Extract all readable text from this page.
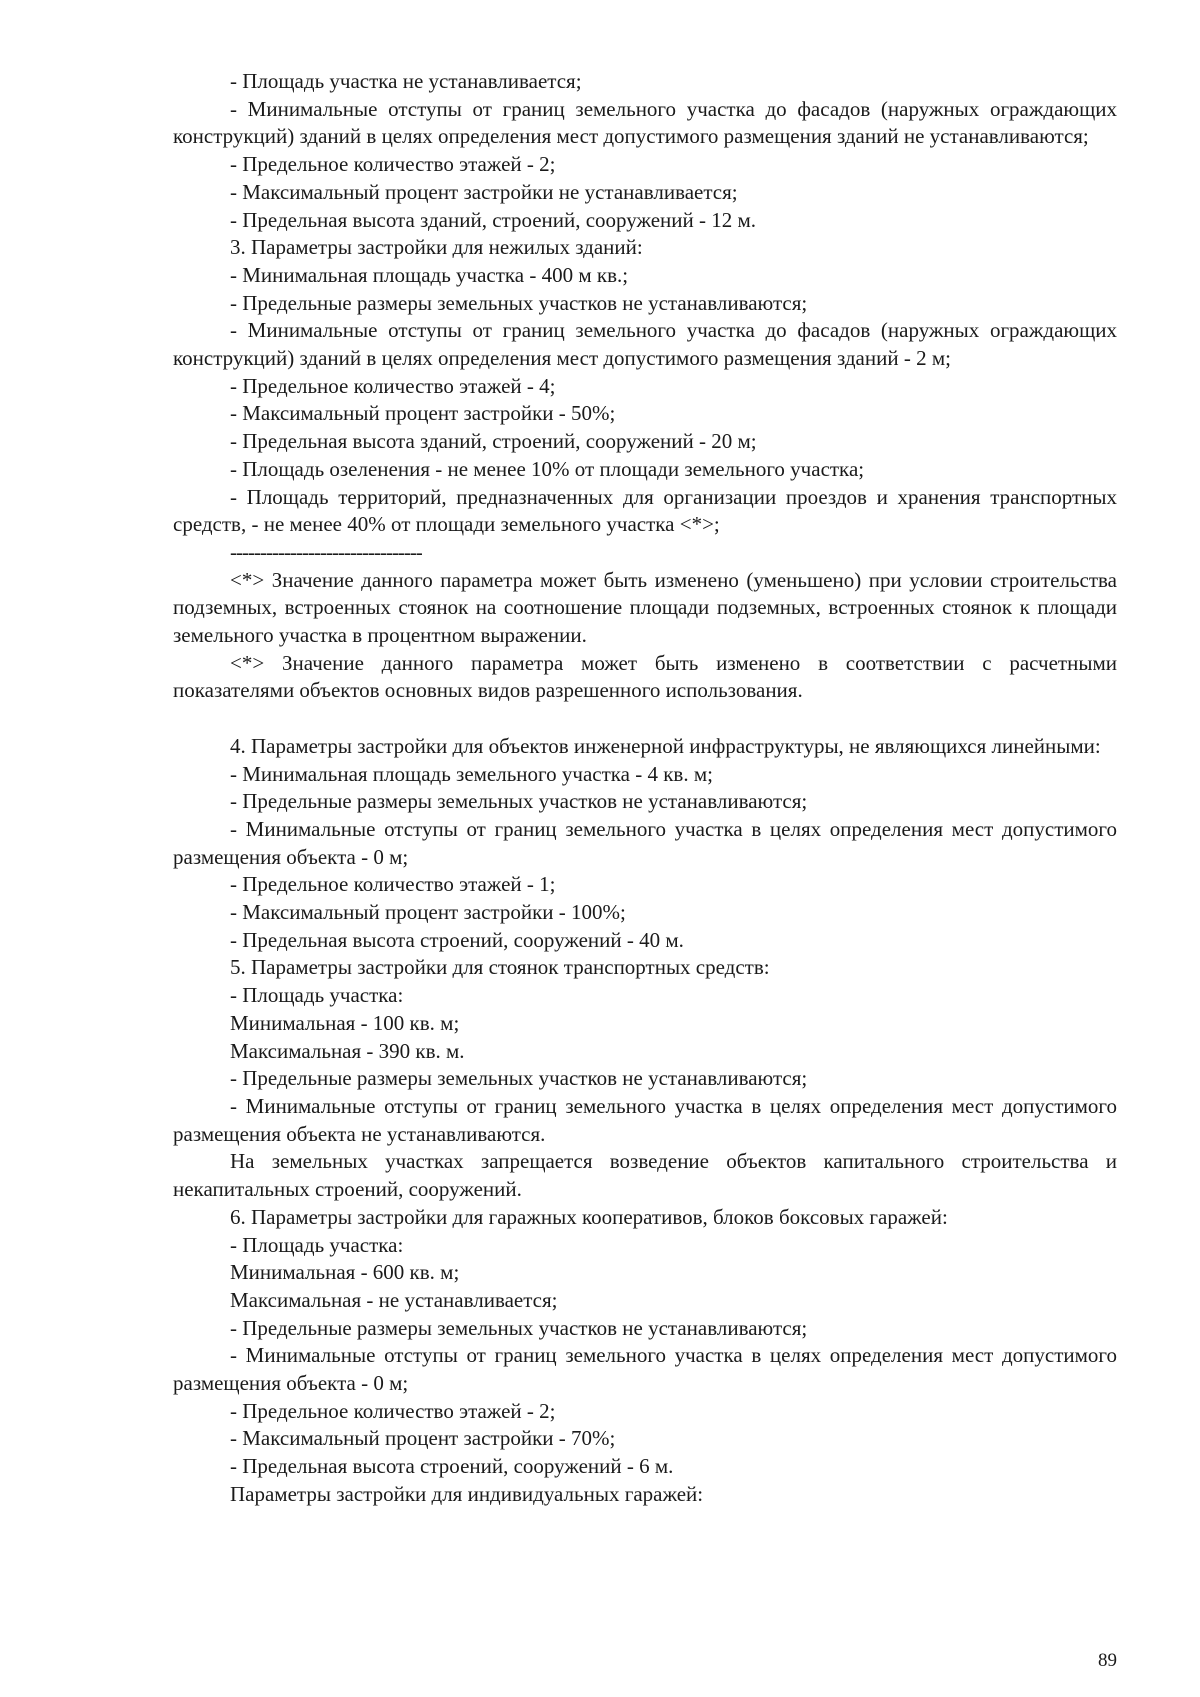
- Площадь участка не устанавливается;

- Минимальные отступы от границ земельного участка до фасадов (наружных ограждающих конструкций) зданий в целях определения мест допустимого размещения зданий не устанавливаются;

- Предельное количество этажей - 2;

- Максимальный процент застройки не устанавливается;

- Предельная высота зданий, строений, сооружений - 12 м.

3. Параметры застройки для нежилых зданий:

- Минимальная площадь участка - 400 м кв.;

- Предельные размеры земельных участков не устанавливаются;

- Минимальные отступы от границ земельного участка до фасадов (наружных ограждающих конструкций) зданий в целях определения мест допустимого размещения зданий - 2 м;

- Предельное количество этажей - 4;

- Максимальный процент застройки - 50%;

- Предельная высота зданий, строений, сооружений - 20 м;

- Площадь озеленения - не менее 10% от площади земельного участка;

- Площадь территорий, предназначенных для организации проездов и хранения транспортных средств, - не менее 40% от площади земельного участка <*>;

--------------------------------

<*> Значение данного параметра может быть изменено (уменьшено) при условии строительства подземных, встроенных стоянок на соотношение площади подземных, встроенных стоянок к площади земельного участка в процентном выражении.

<*> Значение данного параметра может быть изменено в соответствии с расчетными показателями объектов основных видов разрешенного использования.

4. Параметры застройки для объектов инженерной инфраструктуры, не являющихся линейными:

- Минимальная площадь земельного участка - 4 кв. м;

- Предельные размеры земельных участков не устанавливаются;

- Минимальные отступы от границ земельного участка в целях определения мест допустимого размещения объекта - 0 м;

- Предельное количество этажей - 1;

- Максимальный процент застройки - 100%;

- Предельная высота строений, сооружений - 40 м.

5. Параметры застройки для стоянок транспортных средств:

- Площадь участка:

Минимальная - 100 кв. м;

Максимальная - 390 кв. м.

- Предельные размеры земельных участков не устанавливаются;

- Минимальные отступы от границ земельного участка в целях определения мест допустимого размещения объекта не устанавливаются.

На земельных участках запрещается возведение объектов капитального строительства и некапитальных строений, сооружений.

6. Параметры застройки для гаражных кооперативов, блоков боксовых гаражей:

- Площадь участка:

Минимальная - 600 кв. м;

Максимальная - не устанавливается;

- Предельные размеры земельных участков не устанавливаются;

- Минимальные отступы от границ земельного участка в целях определения мест допустимого размещения объекта - 0 м;

- Предельное количество этажей - 2;

- Максимальный процент застройки - 70%;

- Предельная высота строений, сооружений - 6 м.

Параметры застройки для индивидуальных гаражей:

89
